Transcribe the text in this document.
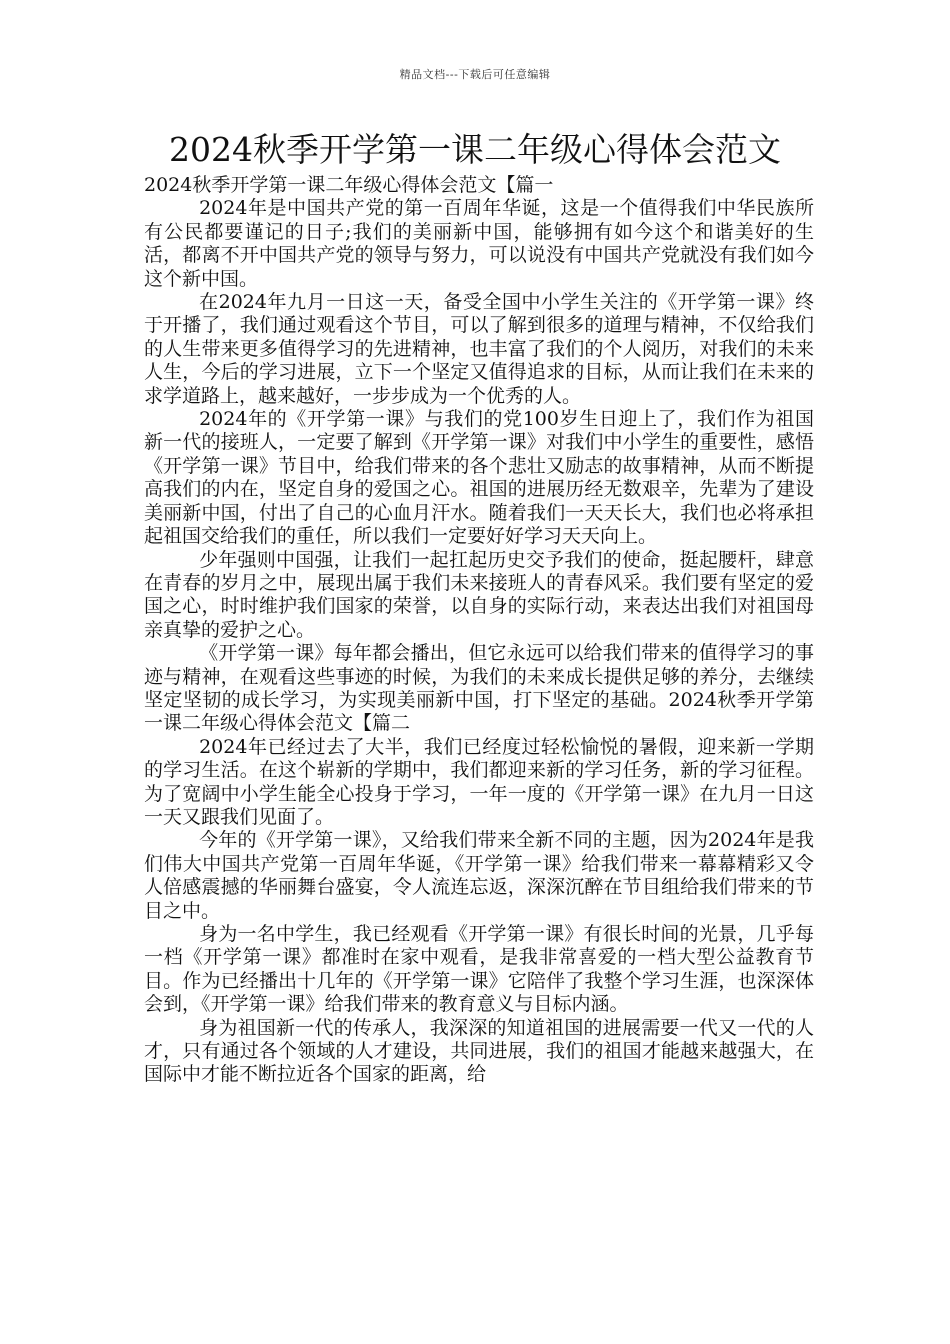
精品文档---下载后可任意编辑
2024秋季开学第一课二年级心得体会范文

2024秋季开学第一课二年级心得体会范文【篇一

2024年是中国共产党的第一百周年华诞，这是一个值得我们中华民族所有公民都要谨记的日子;我们的美丽新中国，能够拥有如今这个和谐美好的生活，都离不开中国共产党的领导与努力，可以说没有中国共产党就没有我们如今这个新中国。

在2024年九月一日这一天，备受全国中小学生关注的《开学第一课》终于开播了，我们通过观看这个节目，可以了解到很多的道理与精神，不仅给我们的人生带来更多值得学习的先进精神，也丰富了我们的个人阅历，对我们的未来人生，今后的学习进展，立下一个坚定又值得追求的目标，从而让我们在未来的求学道路上，越来越好，一步步成为一个优秀的人。

2024年的《开学第一课》与我们的党100岁生日迎上了，我们作为祖国新一代的接班人，一定要了解到《开学第一课》对我们中小学生的重要性，感悟《开学第一课》节目中，给我们带来的各个悲壮又励志的故事精神，从而不断提高我们的内在，坚定自身的爱国之心。祖国的进展历经无数艰辛，先辈为了建设美丽新中国，付出了自己的心血月汗水。随着我们一天天长大，我们也必将承担起祖国交给我们的重任，所以我们一定要好好学习天天向上。

少年强则中国强，让我们一起扛起历史交予我们的使命，挺起腰杆，肆意在青春的岁月之中，展现出属于我们未来接班人的青春风采。我们要有坚定的爱国之心，时时维护我们国家的荣誉，以自身的实际行动，来表达出我们对祖国母亲真挚的爱护之心。

《开学第一课》每年都会播出，但它永远可以给我们带来的值得学习的事迹与精神，在观看这些事迹的时候，为我们的未来成长提供足够的养分，去继续坚定坚韧的成长学习，为实现美丽新中国，打下坚定的基础。2024秋季开学第一课二年级心得体会范文【篇二

2024年已经过去了大半，我们已经度过轻松愉悦的暑假，迎来新一学期的学习生活。在这个崭新的学期中，我们都迎来新的学习任务，新的学习征程。为了宽阔中小学生能全心投身于学习，一年一度的《开学第一课》在九月一日这一天又跟我们见面了。

今年的《开学第一课》，又给我们带来全新不同的主题，因为2024年是我们伟大中国共产党第一百周年华诞，《开学第一课》给我们带来一幕幕精彩又令人倍感震撼的华丽舞台盛宴，令人流连忘返，深深沉醉在节目组给我们带来的节目之中。

身为一名中学生，我已经观看《开学第一课》有很长时间的光景，几乎每一档《开学第一课》都准时在家中观看，是我非常喜爱的一档大型公益教育节目。作为已经播出十几年的《开学第一课》它陪伴了我整个学习生涯，也深深体会到，《开学第一课》给我们带来的教育意义与目标内涵。

身为祖国新一代的传承人，我深深的知道祖国的进展需要一代又一代的人才，只有通过各个领域的人才建设，共同进展，我们的祖国才能越来越强大，在国际中才能不断拉近各个国家的距离，给
